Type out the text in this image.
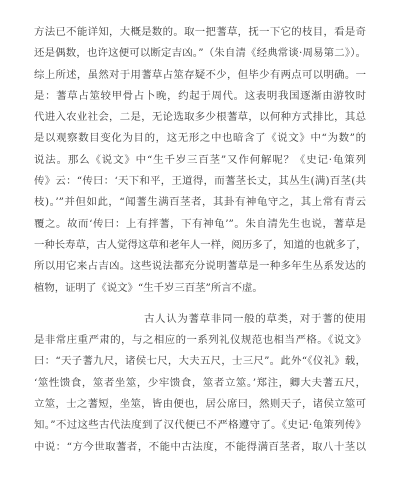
方法已不能详知，大概是数的。取一把蓍草，抚一下它的枝目，看是奇
还是偶数，也许这便可以断定吉凶。”（朱自清《经典常谈·周易第二》）。
综上所述，虽然对于用蓍草占筮存疑不少，但毕少有两点可以明确。一
是：蓍草占筮较甲骨占卜晚，约起于周代。这表明我国逐渐由游牧时
代进入农业社会，二是，无论选取多少根蓍草，以何种方式排比，其总
是以观察数目变化为目的，这无形之中也暗含了《说文》中“为数”的
说法。那么《说文》中“生千岁三百茎”又作何解呢？《史记·龟策列
传》云：“传曰：‘天下和平，王道得，而蓍茎长丈，其丛生(满)百茎(共
枝)。’”并但如此，“闻蓍生满百茎者，其卦有神龟守之，其上常有青云
覆之。故而‘传曰：上有拌蓍，下有神龟’”。朱自清先生也说，蓍草是
一种长寿草，古人觉得这草和老年人一样，阅历多了，知道的也就多了，
所以用它来占吉凶。这些说法都充分说明蓍草是一种多年生丛系发达的
植物，证明了《说文》“生千岁三百茎”所言不虚。
古人认为蓍草非同一般的草类，对于蓍的使用
是非常庄重严肃的，与之相应的一系列礼仪规范也相当严格。《说文》
曰：“天子蓍九尺，诸侯七尺，大夫五尺，士三尺”。此外“《仪礼》载，
‘筮性馈食，筮者坐筮，少牢馈食，筮者立筮。’郑注，卿大夫蓍五尺，
立筮，士之蓍短，坐筮，皆由便也，居公席曰，然则天子，诸侯立筮可
知。”不过这些古代法度到了汉代便已不严格遵守了。《史记·龟策列传》
中说：“方今世取蓍者，不能中古法度，不能得满百茎者，取八十茎以
